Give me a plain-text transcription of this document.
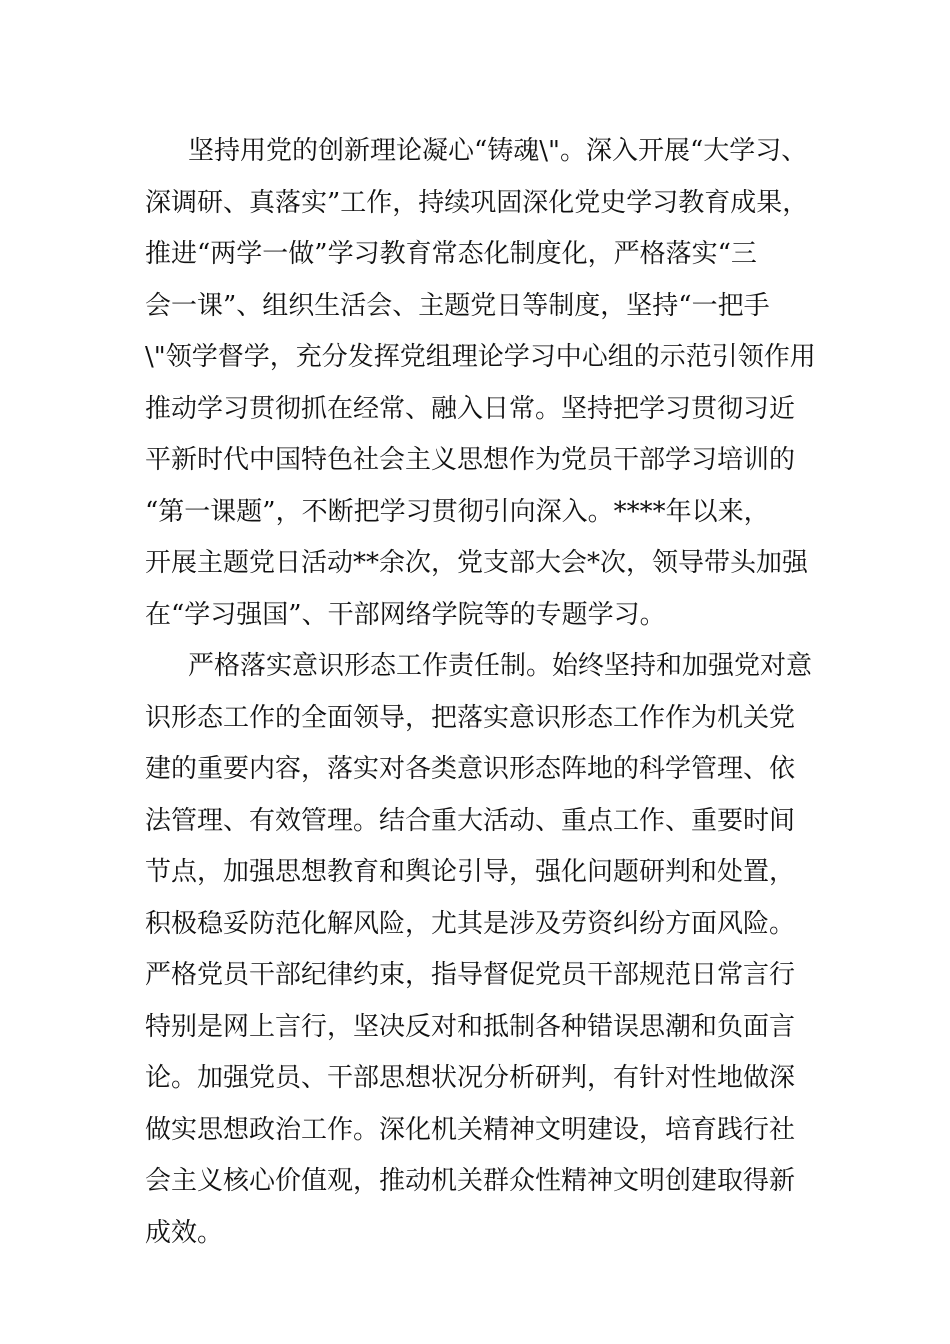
坚持用党的创新理论凝心“铸魂\"。深入开展“大学习、
深调研、真落实”工作，持续巩固深化党史学习教育成果，
推进“两学一做”学习教育常态化制度化，严格落实“三
会一课”、组织生活会、主题党日等制度，坚持“一把手
\"领学督学，充分发挥党组理论学习中心组的示范引领作用
推动学习贯彻抓在经常、融入日常。坚持把学习贯彻习近
平新时代中国特色社会主义思想作为党员干部学习培训的
“第一课题”，不断把学习贯彻引向深入。****年以来，
开展主题党日活动**余次，党支部大会*次，领导带头加强
在“学习强国”、干部网络学院等的专题学习。
严格落实意识形态工作责任制。始终坚持和加强党对意
识形态工作的全面领导，把落实意识形态工作作为机关党
建的重要内容，落实对各类意识形态阵地的科学管理、依
法管理、有效管理。结合重大活动、重点工作、重要时间
节点，加强思想教育和舆论引导，强化问题研判和处置，
积极稳妥防范化解风险，尤其是涉及劳资纠纷方面风险。
严格党员干部纪律约束，指导督促党员干部规范日常言行
特别是网上言行，坚决反对和抵制各种错误思潮和负面言
论。加强党员、干部思想状况分析研判，有针对性地做深
做实思想政治工作。深化机关精神文明建设，培育践行社
会主义核心价值观，推动机关群众性精神文明创建取得新
成效。
